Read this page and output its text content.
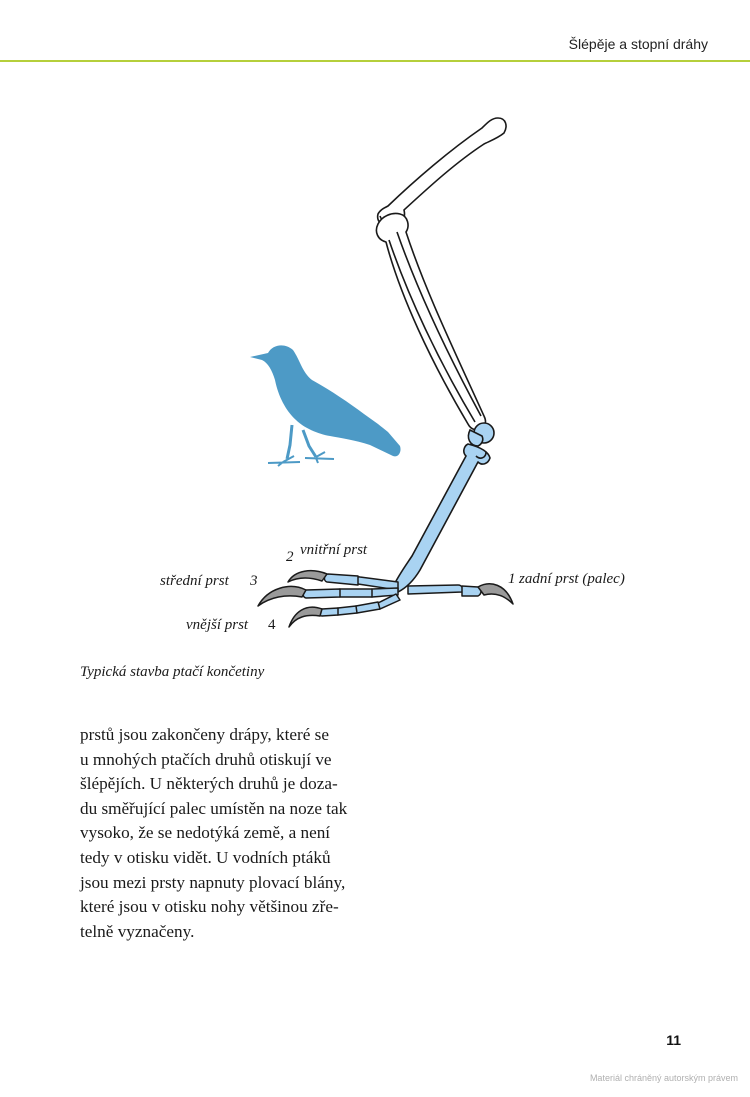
Šlépěje a stopní dráhy
2 vnitřní prst
střední prst 3
vnější prst 4
1 zadní prst (palec)
Typická stavba ptačí končetiny
prstů jsou zakončeny drápy, které se
u mnohých ptačích druhů otiskují ve
šlépějích. U některých druhů je doza-
du směřující palec umístěn na noze tak
vysoko, že se nedotýká země, a není
tedy v otisku vidět. U vodních ptáků
jsou mezi prsty napnuty plovací blány,
které jsou v otisku nohy většinou zře-
telně vyznačeny.
11
Materiál chráněný autorským právem
